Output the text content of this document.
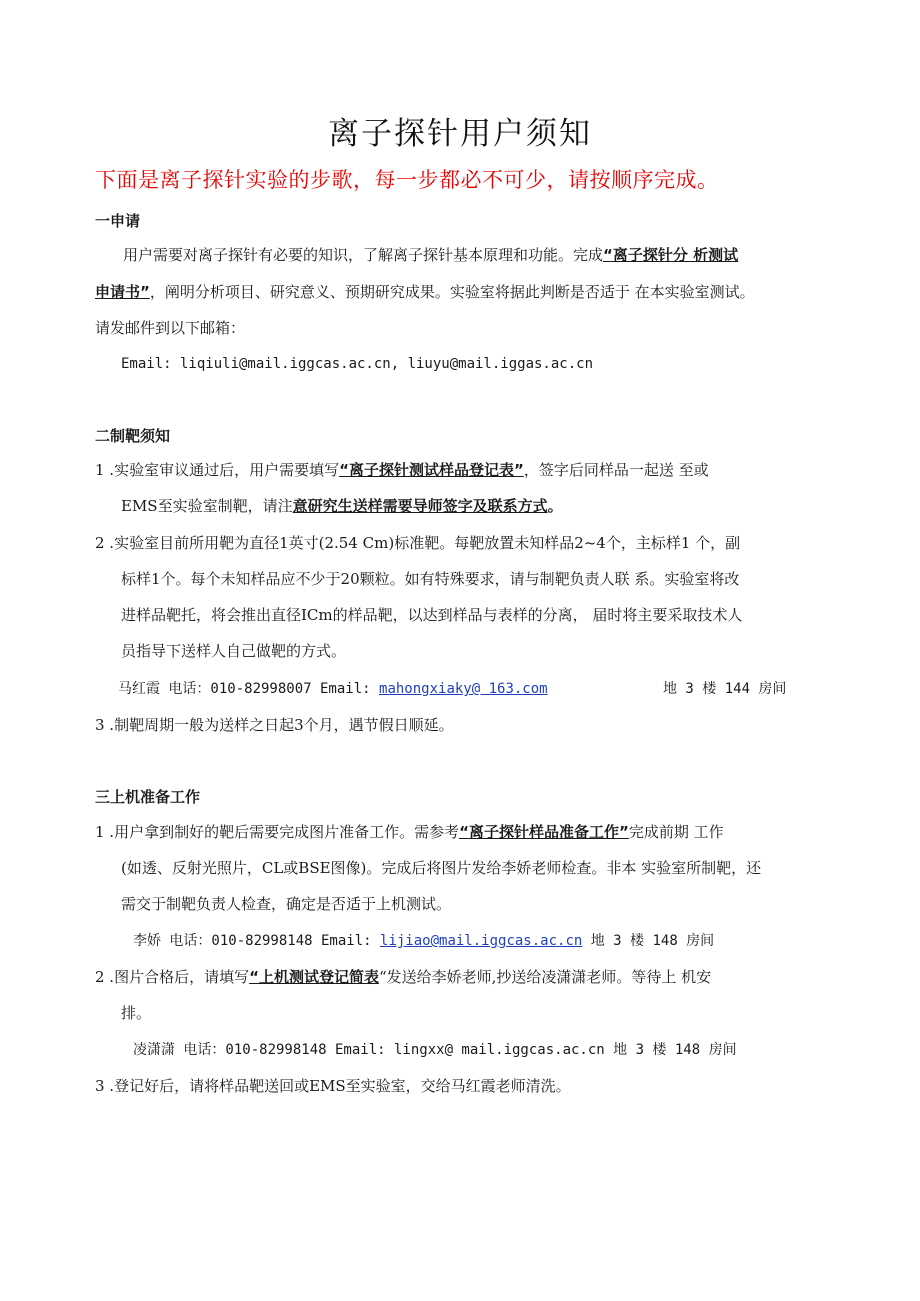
离子探针用户须知
下面是离子探针实验的步歌，每一步都必不可少，请按顺序完成。
一申请
用户需要对离子探针有必要的知识，了解离子探针基本原理和功能。完成“离子探针分 析测试
申请书”，阐明分析项目、研究意义、预期研究成果。实验室将据此判断是否适于 在本实验室测试。
请发邮件到以下邮箱：
Email: liqiuli@mail.iggcas.ac.cn, liuyu@mail.iggas.ac.cn
二制靶须知
1 .实验室审议通过后，用户需要填写“离子探针测试样品登记表”，签字后同样品一起送 至或
EMS至实验室制靶，请注意研究生送样需要导师签字及联系方式。
2 .实验室目前所用靶为直径1英寸(2.54 Cm)标准靶。每靶放置未知样品2~4个，主标样1 个，副
标样1个。每个未知样品应不少于20颗粒。如有特殊要求，请与制靶负责人联 系。实验室将改
进样品靶托，将会推出直径ICm的样品靶，以达到样品与表样的分离， 届时将主要采取技术人
员指导下送样人自己做靶的方式。
马红霞 电话：010-82998007 Email: mahongxiaky@ 163.com	地 3 楼 144 房间
3 .制靶周期一般为送样之日起3个月，遇节假日顺延。
三上机准备工作
1 .用户拿到制好的靶后需要完成图片准备工作。需参考“离子探针样品准备工作”完成前期 工作
(如透、反射光照片，CL或BSE图像)。完成后将图片发给李娇老师检查。非本 实验室所制靶，还
需交于制靶负责人检查，确定是否适于上机测试。
李娇 电话：010-82998148 Email: lijiao@mail.iggcas.ac.cn 地 3 楼 148 房间
2 .图片合格后，请填写“上机测试登记简表“发送给李娇老师,抄送给凌潇潇老师。等待上 机安
排。
凌潇潇 电话：010-82998148 Email: lingxx@ mail.iggcas.ac.cn 地 3 楼 148 房间
3 .登记好后，请将样品靶送回或EMS至实验室，交给马红霞老师清洗。
